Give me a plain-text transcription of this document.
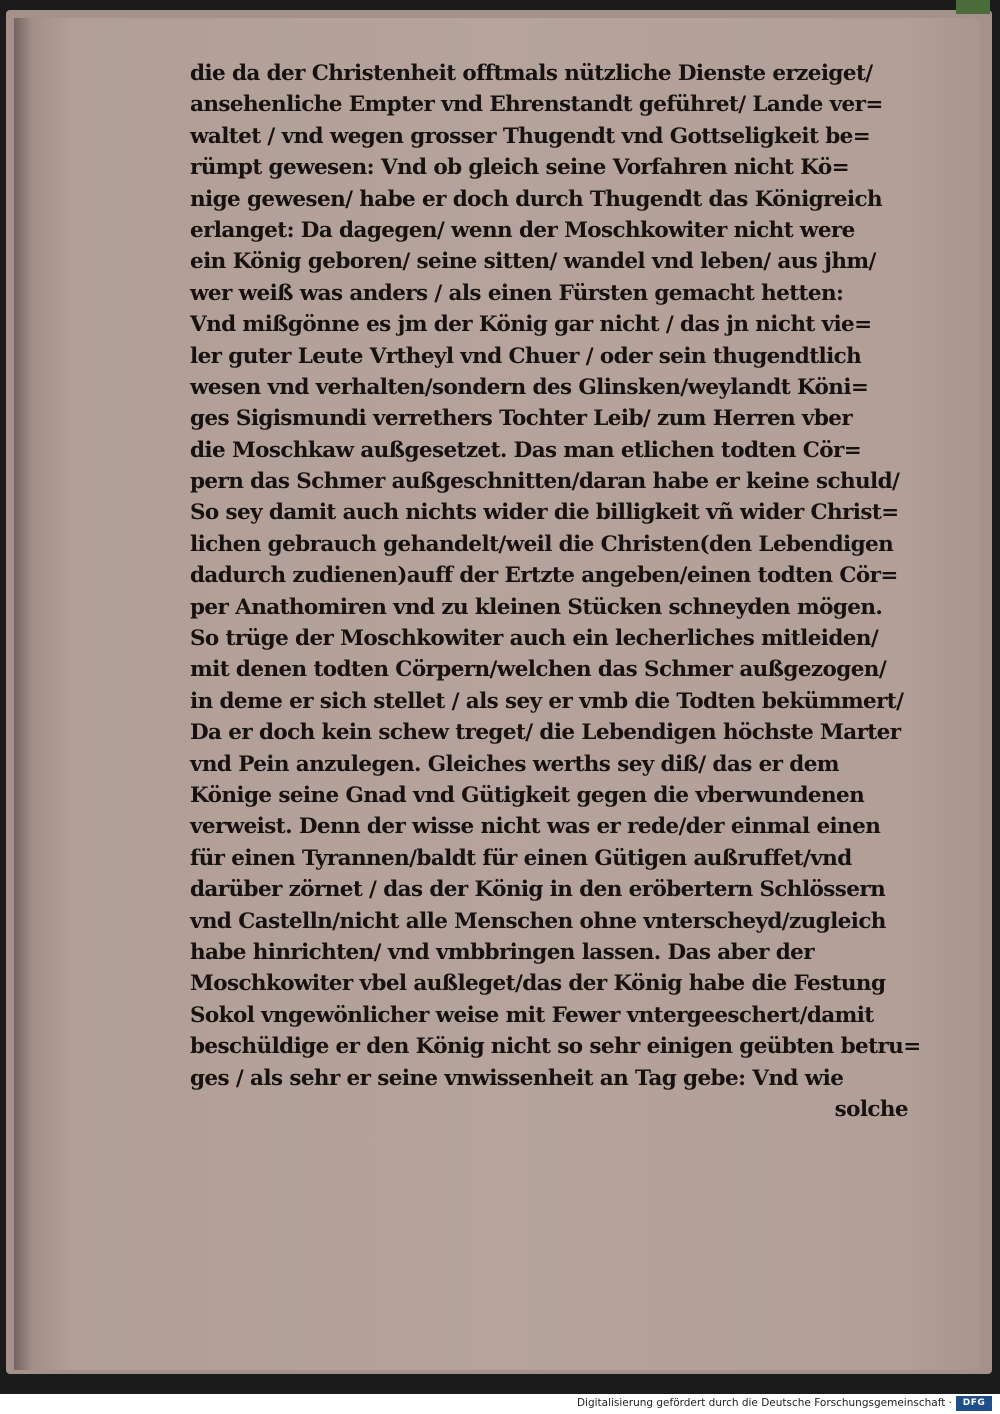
die da der Christenheit offtmals nützliche Dienste erzeiget/
ansehenliche Empter vnd Ehrenstandt geführet/ Lande ver=
waltet / vnd wegen grosser Thugendt vnd Gottseligkeit be=
rümpt gewesen: Vnd ob gleich seine Vorfahren nicht Kö=
nige gewesen/ habe er doch durch Thugendt das Königreich
erlanget: Da dagegen/ wenn der Moschkowiter nicht were
ein König geboren/ seine sitten/ wandel vnd leben/ aus jhm/
wer weiß was anders / als einen Fürsten gemacht hetten:
Vnd mißgönne es jm der König gar nicht / das jn nicht vie=
ler guter Leute Vrtheyl vnd Chuer / oder sein thugendtlich
wesen vnd verhalten/sondern des Glinsken/weylandt Köni=
ges Sigismundi verrethers Tochter Leib/ zum Herren vber
die Moschkaw außgesetzet. Das man etlichen todten Cör=
pern das Schmer außgeschnitten/daran habe er keine schuld/
So sey damit auch nichts wider die billigkeit vñ wider Christ=
lichen gebrauch gehandelt/weil die Christen(den Lebendigen
dadurch zudienen)auff der Ertzte angeben/einen todten Cör=
per Anathomiren vnd zu kleinen Stücken schneyden mögen.
So trüge der Moschkowiter auch ein lecherliches mitleiden/
mit denen todten Cörpern/welchen das Schmer außgezogen/
in deme er sich stellet / als sey er vmb die Todten bekümmert/
Da er doch kein schew treget/ die Lebendigen höchste Marter
vnd Pein anzulegen. Gleiches werths sey diß/ das er dem
Könige seine Gnad vnd Gütigkeit gegen die vberwundenen
verweist. Denn der wisse nicht was er rede/der einmal einen
für einen Tyrannen/baldt für einen Gütigen außruffet/vnd
darüber zörnet / das der König in den eröbertern Schlössern
vnd Castelln/nicht alle Menschen ohne vnterscheyd/zugleich
habe hinrichten/ vnd vmbbringen lassen. Das aber der
Moschkowiter vbel außleget/das der König habe die Festung
Sokol vngewönlicher weise mit Fewer vntergeeschert/damit
beschüldige er den König nicht so sehr einigen geübten betru=
ges / als sehr er seine vnwissenheit an Tag gebe: Vnd wie
solche
Digitalisierung gefördert durch die Deutsche Forschungsgemeinschaft ·	DFG
